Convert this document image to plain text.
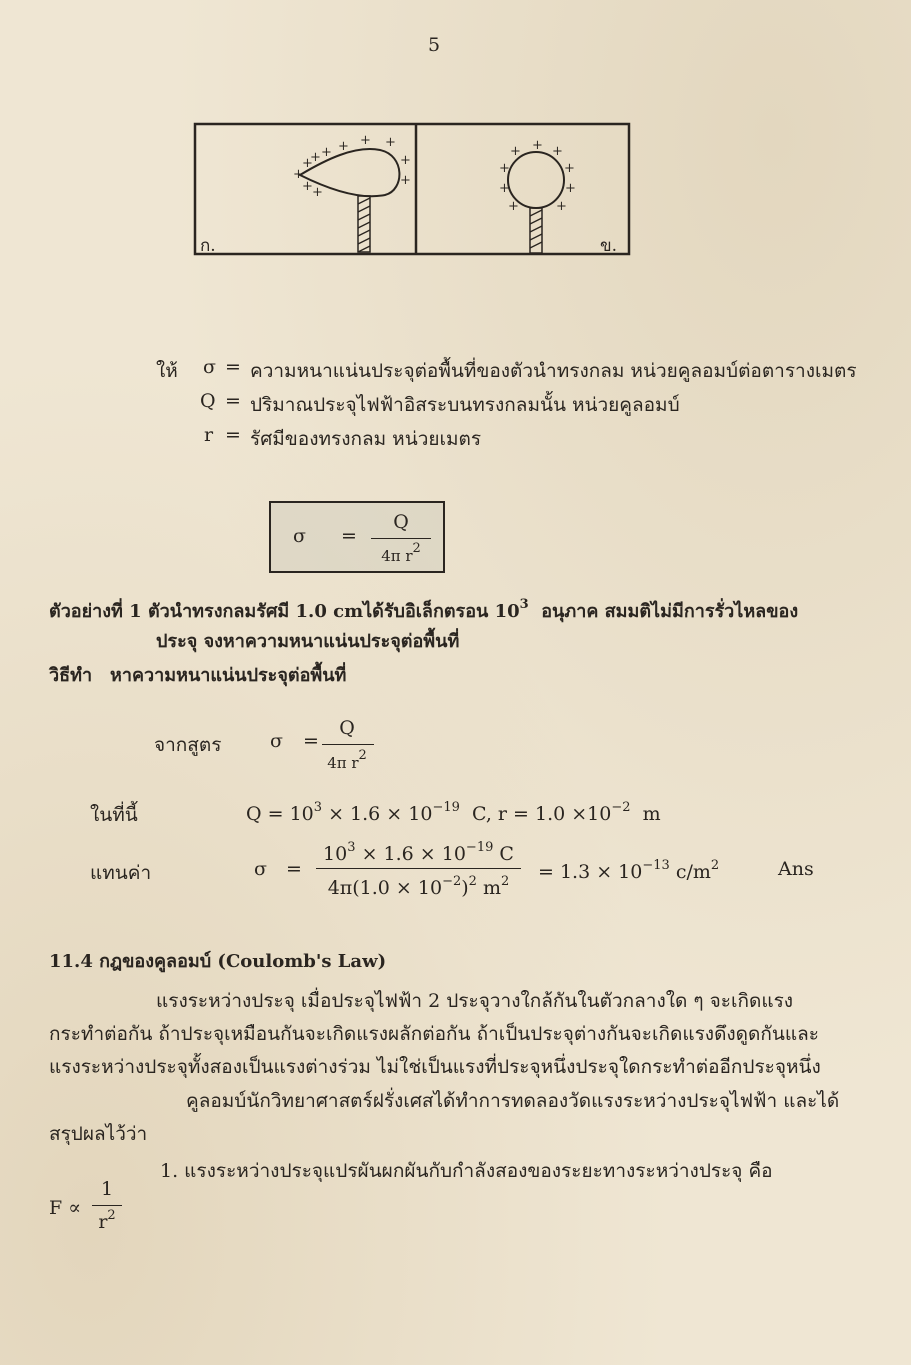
5
+
+
+ + + + +
+
+
+ +
+ +
+
+
+
+
+
+
+
ก.	ข.
ให้ σ = ความหนาแน่นประจุต่อพื้นที่ของตัวนำทรงกลม หน่วยคูลอมบ์ต่อตารางเมตร
Q = ปริมาณประจุไฟฟ้าอิสระบนทรงกลมนั้น หน่วยคูลอมบ์
r = รัศมีของทรงกลม หน่วยเมตร
σ =
Q
4π r2
ตัวอย่างที่ 1 ตัวนำทรงกลมรัศมี 1.0 cmได้รับอิเล็กตรอน $10^3$ อนุภาค สมมติไม่มีการรั่วไหลของ
ประจุ จงหาความหนาแน่นประจุต่อพื้นที่
วิธีทำ หาความหนาแน่นประจุต่อพื้นที่
จากสูตร	σ =
Q
4π r2
ในที่นี้	$Q = 10^3 \times 1.6 \times 10^{-19}$ C, $r = 1.0 \times 10^{-2}$ m
แทนค่า	σ =
$10^3 \times 1.6 \times 10^{-19}$ C
$4\pi(1.0 \times 10^{-2})^2$ $m^2$	= $1.3 \times 10^{-13}$ $c/m^2$	Ans
11.4 กฎของคูลอมบ์ (Coulomb's Law)
แรงระหว่างประจุ เมื่อประจุไฟฟ้า 2 ประจุวางใกล้กันในตัวกลางใด ๆ จะเกิดแรง
กระทำต่อกัน ถ้าประจุเหมือนกันจะเกิดแรงผลักต่อกัน ถ้าเป็นประจุต่างกันจะเกิดแรงดึงดูดกันและ
แรงระหว่างประจุทั้งสองเป็นแรงต่างร่วม ไม่ใช่เป็นแรงที่ประจุหนึ่งประจุใดกระทำต่ออีกประจุหนึ่ง
คูลอมบ์นักวิทยาศาสตร์ฝรั่งเศสได้ทำการทดลองวัดแรงระหว่างประจุไฟฟ้า และได้
สรุปผลไว้ว่า
1. แรงระหว่างประจุแปรผันผกผันกับกำลังสองของระยะทางระหว่างประจุ คือ
F ∝
1
$r^2$
